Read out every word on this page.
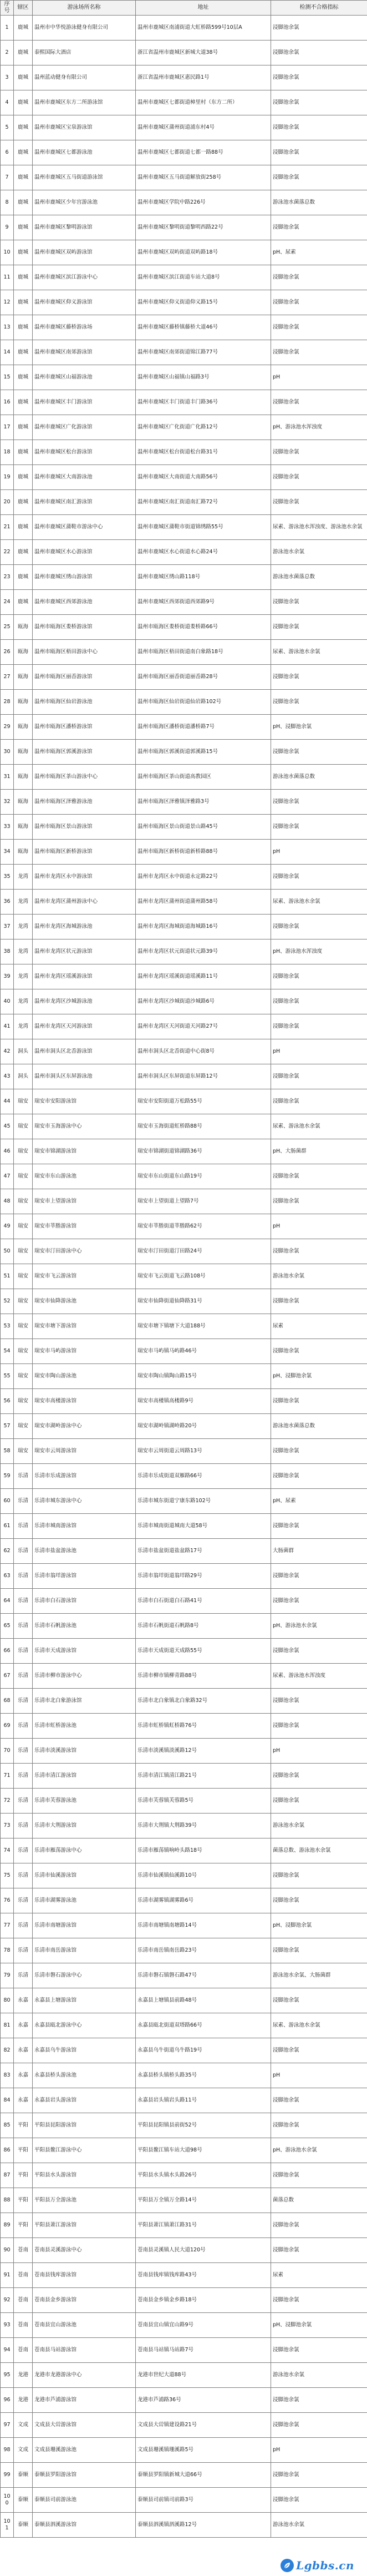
序号	辖区	游泳场所名称	地址	检测不合格指标
1	鹿城	温州市中华悦游泳健身有限公司	温州市鹿城区南浦街道大虹桥路599号10层A	浸脚池余氯
2	鹿城	泰熙国际大酒店	浙江省温州市鹿城区新城大道38号	浸脚池余氯
3	鹿城	温州蓝动健身有限公司	浙江省温州市鹿城区惠民路1号	浸脚池余氯
4	鹿城	温州市鹿城区东方二所游泳馆	温州市鹿城区七都街道樟里村（东方二所）	浸脚池余氯
5	鹿城	温州市鹿城区宝泉游泳馆	温州市鹿城区蒲州街道浦东村4号	浸脚池余氯
6	鹿城	温州市鹿城区七都游泳池	温州市鹿城区七都街道七都一路88号	浸脚池余氯
7	鹿城	温州市鹿城区五马街道游泳馆	温州市鹿城区五马街道解放街258号	浸脚池余氯
8	鹿城	温州市鹿城区少年宫游泳池	温州市鹿城区学院中路226号	游泳池水菌落总数
9	鹿城	温州市鹿城区黎明游泳馆	温州市鹿城区黎明街道黎明西路22号	浸脚池余氯
10	鹿城	温州市鹿城区双屿游泳馆	温州市鹿城区双屿街道双屿路18号	pH、尿素
11	鹿城	温州市鹿城区滨江游泳中心	温州市鹿城区滨江街道车站大道8号	浸脚池余氯
12	鹿城	温州市鹿城区仰义游泳馆	温州市鹿城区仰义街道仰义路15号	浸脚池余氯
13	鹿城	温州市鹿城区藤桥游泳场	温州市鹿城区藤桥镇藤桥大道46号	浸脚池余氯
14	鹿城	温州市鹿城区南郊游泳馆	温州市鹿城区南郊街道锦江路77号	浸脚池余氯
15	鹿城	温州市鹿城区山福游泳池	温州市鹿城区山福镇山福路3号	pH
16	鹿城	温州市鹿城区丰门游泳馆	温州市鹿城区丰门街道丰门路36号	浸脚池余氯
17	鹿城	温州市鹿城区广化游泳馆	温州市鹿城区广化街道广化路12号	pH、游泳池水浑浊度
18	鹿城	温州市鹿城区松台游泳馆	温州市鹿城区松台街道松台路31号	浸脚池余氯
19	鹿城	温州市鹿城区大南游泳池	温州市鹿城区大南街道大南路56号	浸脚池余氯
20	鹿城	温州市鹿城区南汇游泳馆	温州市鹿城区南汇街道南汇路72号	浸脚池余氯
21	鹿城	温州市鹿城区蒲鞋市游泳中心	温州市鹿城区蒲鞋市街道锦绣路55号	尿素、游泳池水浑浊度、游泳池水余氯
22	鹿城	温州市鹿城区水心游泳馆	温州市鹿城区水心街道水心路24号	游泳池水余氯
23	鹿城	温州市鹿城区绣山游泳馆	温州市鹿城区绣山路118号	游泳池水菌落总数
24	鹿城	温州市鹿城区西郊游泳池	温州市鹿城区西郊街道西郊路9号	浸脚池余氯
25	瓯海	温州市瓯海区娄桥游泳馆	温州市瓯海区娄桥街道娄桥路66号	浸脚池余氯
26	瓯海	温州市瓯海区梧田游泳中心	温州市瓯海区梧田街道南白象路18号	尿素、游泳池水余氯
27	瓯海	温州市瓯海区丽岙游泳馆	温州市瓯海区丽岙街道丽岙路28号	浸脚池余氯
28	瓯海	温州市瓯海区仙岩游泳池	温州市瓯海区仙岩街道仙岩路102号	浸脚池余氯
29	瓯海	温州市瓯海区潘桥游泳馆	温州市瓯海区潘桥街道潘桥路7号	pH、浸脚池余氯
30	瓯海	温州市瓯海区郭溪游泳馆	温州市瓯海区郭溪街道郭溪路15号	浸脚池余氯
31	瓯海	温州市瓯海区茶山游泳中心	温州市瓯海区茶山街道高教园区	游泳池水菌落总数
32	瓯海	温州市瓯海区泽雅游泳池	温州市瓯海区泽雅镇泽雅路3号	浸脚池余氯
33	瓯海	温州市瓯海区景山游泳馆	温州市瓯海区景山街道景山路45号	浸脚池余氯
34	瓯海	温州市瓯海区新桥游泳馆	温州市瓯海区新桥街道新桥路88号	pH
35	龙湾	温州市龙湾区永中游泳馆	温州市龙湾区永中街道永定路22号	浸脚池余氯
36	龙湾	温州市龙湾区蒲州游泳中心	温州市龙湾区蒲州街道蒲州路58号	尿素、游泳池水余氯
37	龙湾	温州市龙湾区海城游泳池	温州市龙湾区海城街道海城路16号	浸脚池余氯
38	龙湾	温州市龙湾区状元游泳馆	温州市龙湾区状元街道状元路39号	pH、游泳池水浑浊度
39	龙湾	温州市龙湾区瑶溪游泳馆	温州市龙湾区瑶溪街道瑶溪路11号	浸脚池余氯
40	龙湾	温州市龙湾区沙城游泳池	温州市龙湾区沙城街道沙城路6号	浸脚池余氯
41	龙湾	温州市龙湾区天河游泳馆	温州市龙湾区天河街道天河路27号	浸脚池余氯
42	洞头	温州市洞头区北岙游泳馆	温州市洞头区北岙街道中心街8号	pH
43	洞头	温州市洞头区东屏游泳池	温州市洞头区东屏街道东屏路12号	浸脚池余氯
44	瑞安	瑞安市安阳游泳馆	瑞安市安阳街道万松路55号	浸脚池余氯
45	瑞安	瑞安市玉海游泳中心	瑞安市玉海街道虹桥路88号	尿素、游泳池水余氯
46	瑞安	瑞安市锦湖游泳馆	瑞安市锦湖街道锦湖路36号	pH、大肠菌群
47	瑞安	瑞安市东山游泳池	瑞安市东山街道东山路19号	浸脚池余氯
48	瑞安	瑞安市上望游泳馆	瑞安市上望街道上望路7号	浸脚池余氯
49	瑞安	瑞安市莘塍游泳馆	瑞安市莘塍街道莘塍路62号	pH
50	瑞安	瑞安市汀田游泳中心	瑞安市汀田街道汀田路24号	浸脚池余氯
51	瑞安	瑞安市飞云游泳馆	瑞安市飞云街道飞云路108号	游泳池水余氯
52	瑞安	瑞安市仙降游泳池	瑞安市仙降街道仙降路31号	浸脚池余氯
53	瑞安	瑞安市塘下游泳馆	瑞安市塘下镇塘下大道188号	尿素
54	瑞安	瑞安市马屿游泳馆	瑞安市马屿镇马屿路46号	浸脚池余氯
55	瑞安	瑞安市陶山游泳池	瑞安市陶山镇陶山路15号	pH、浸脚池余氯
56	瑞安	瑞安市高楼游泳馆	瑞安市高楼镇高楼路9号	浸脚池余氯
57	瑞安	瑞安市湖岭游泳中心	瑞安市湖岭镇湖岭路20号	游泳池水菌落总数
58	瑞安	瑞安市云周游泳馆	瑞安市云周街道云周路13号	浸脚池余氯
59	乐清	乐清市乐成游泳馆	乐清市乐成街道双雁路66号	浸脚池余氯
60	乐清	乐清市城东游泳中心	乐清市城东街道宁康东路102号	pH、尿素
61	乐清	乐清市城南游泳馆	乐清市城南街道城南大道58号	浸脚池余氯
62	乐清	乐清市盐盆游泳池	乐清市盐盆街道盐盆路17号	大肠菌群
63	乐清	乐清市翁垟游泳馆	乐清市翁垟街道翁垟路29号	浸脚池余氯
64	乐清	乐清市白石游泳馆	乐清市白石街道白石路41号	浸脚池余氯
65	乐清	乐清市石帆游泳池	乐清市石帆街道石帆路8号	pH、游泳池水余氯
66	乐清	乐清市天成游泳馆	乐清市天成街道天成路55号	浸脚池余氯
67	乐清	乐清市柳市游泳中心	乐清市柳市镇柳青路88号	尿素、游泳池水浑浊度
68	乐清	乐清市北白象游泳馆	乐清市北白象镇北白象路32号	浸脚池余氯
69	乐清	乐清市虹桥游泳池	乐清市虹桥镇虹桥路76号	浸脚池余氯
70	乐清	乐清市淡溪游泳馆	乐清市淡溪镇淡溪路12号	pH
71	乐清	乐清市清江游泳馆	乐清市清江镇清江路21号	浸脚池余氯
72	乐清	乐清市芙蓉游泳池	乐清市芙蓉镇芙蓉路5号	浸脚池余氯
73	乐清	乐清市大荆游泳馆	乐清市大荆镇大荆路39号	游泳池水余氯
74	乐清	乐清市雁荡游泳中心	乐清市雁荡镇响岭头路18号	菌落总数、游泳池水余氯
75	乐清	乐清市仙溪游泳馆	乐清市仙溪镇仙溪路10号	浸脚池余氯
76	乐清	乐清市湖雾游泳池	乐清市湖雾镇湖雾路6号	浸脚池余氯
77	乐清	乐清市南塘游泳馆	乐清市南塘镇南塘路14号	pH、浸脚池余氯
78	乐清	乐清市南岳游泳馆	乐清市南岳镇南岳路23号	浸脚池余氯
79	乐清	乐清市磐石游泳中心	乐清市磐石镇磐石路47号	游泳池水余氯、大肠菌群
80	永嘉	永嘉县上塘游泳馆	永嘉县上塘镇县前路48号	浸脚池余氯
81	永嘉	永嘉县瓯北游泳中心	永嘉县瓯北街道双塔路66号	尿素、游泳池水余氯
82	永嘉	永嘉县乌牛游泳馆	永嘉县乌牛街道乌牛路19号	浸脚池余氯
83	永嘉	永嘉县桥头游泳池	永嘉县桥头镇桥头路35号	pH
84	永嘉	永嘉县岩头游泳馆	永嘉县岩头镇岩头路11号	浸脚池余氯
85	平阳	平阳县昆阳游泳馆	平阳县昆阳镇县前街52号	浸脚池余氯
86	平阳	平阳县鳌江游泳中心	平阳县鳌江镇车站大道98号	pH、游泳池水余氯
87	平阳	平阳县水头游泳馆	平阳县水头镇水头路26号	浸脚池余氯
88	平阳	平阳县万全游泳池	平阳县万全镇万全路14号	菌落总数
89	平阳	平阳县萧江游泳馆	平阳县萧江镇萧江路31号	浸脚池余氯
90	苍南	苍南县灵溪游泳中心	苍南县灵溪镇人民大道120号	浸脚池余氯
91	苍南	苍南县钱库游泳馆	苍南县钱库镇钱库路43号	尿素
92	苍南	苍南县金乡游泳馆	苍南县金乡镇金乡路18号	浸脚池余氯
93	苍南	苍南县宜山游泳池	苍南县宜山镇宜山路9号	pH、浸脚池余氯
94	苍南	苍南县马站游泳馆	苍南县马站镇马站路7号	浸脚池余氯
95	龙港	龙港市龙港游泳中心	龙港市世纪大道88号	游泳池水余氯
96	龙港	龙港市芦浦游泳馆	龙港市芦浦路36号	浸脚池余氯
97	文成	文成县大峃游泳馆	文成县大峃镇建设路21号	浸脚池余氯
98	文成	文成县珊溪游泳池	文成县珊溪镇珊溪路5号	pH
99	泰顺	泰顺县罗阳游泳馆	泰顺县罗阳镇新城大道66号	浸脚池余氯
100	泰顺	泰顺县司前游泳池	泰顺县司前镇司前路3号	浸脚池余氯
101	泰顺	泰顺县泗溪游泳馆	泰顺县泗溪镇泗溪路12号	游泳池水余氯
Lgbbs.cn
